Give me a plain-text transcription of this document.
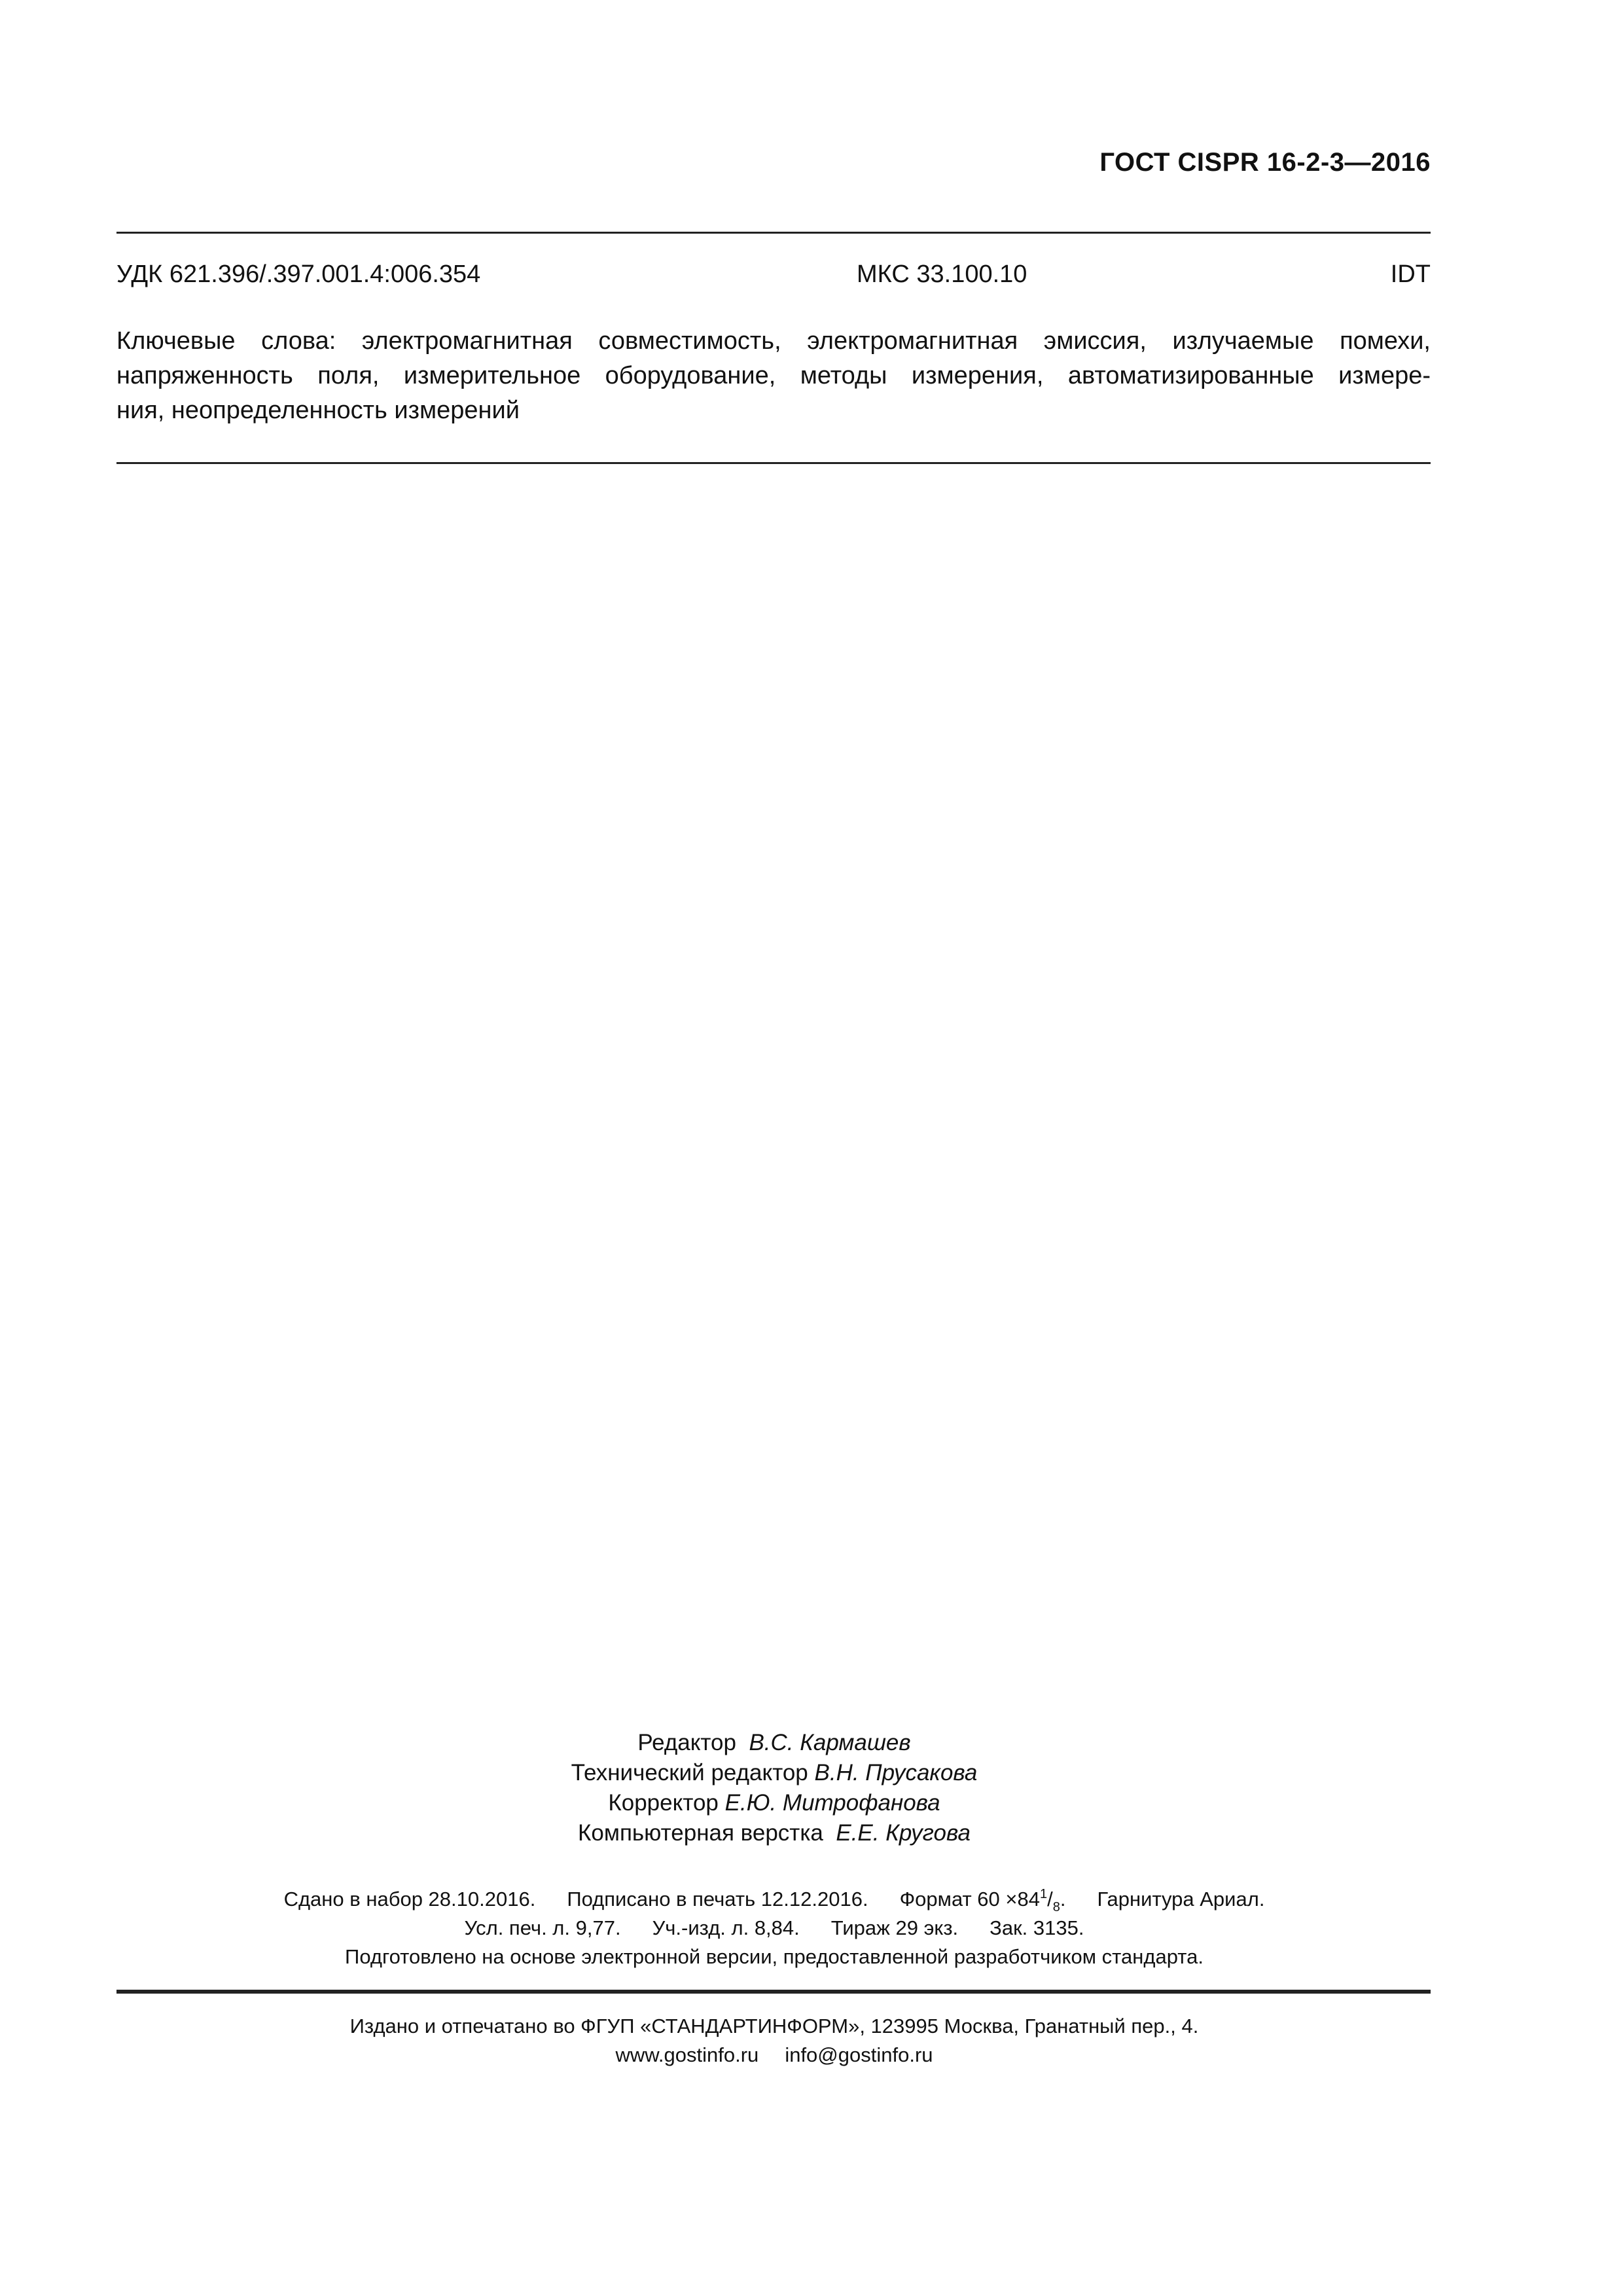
ГОСТ CISPR 16-2-3—2016
УДК 621.396/.397.001.4:006.354	МКС 33.100.10	IDT
Ключевые слова: электромагнитная совместимость, электромагнитная эмиссия, излучаемые помехи,
напряженность поля, измерительное оборудование, методы измерения, автоматизированные измере-
ния, неопределенность измерений
Редактор В.С. Кармашев
Технический редактор В.Н. Прусакова
Корректор Е.Ю. Митрофанова
Компьютерная верстка Е.Е. Кругова
Сдано в набор 28.10.2016. Подписано в печать 12.12.2016. Формат $60 \times 84^1/_8$. Гарнитура Ариал.
Усл. печ. л. 9,77. Уч.-изд. л. 8,84. Тираж 29 экз. Зак. 3135.
Подготовлено на основе электронной версии, предоставленной разработчиком стандарта.
Издано и отпечатано во ФГУП «СТАНДАРТИНФОРМ», 123995 Москва, Гранатный пер., 4.
www.gostinfo.ru info@gostinfo.ru
